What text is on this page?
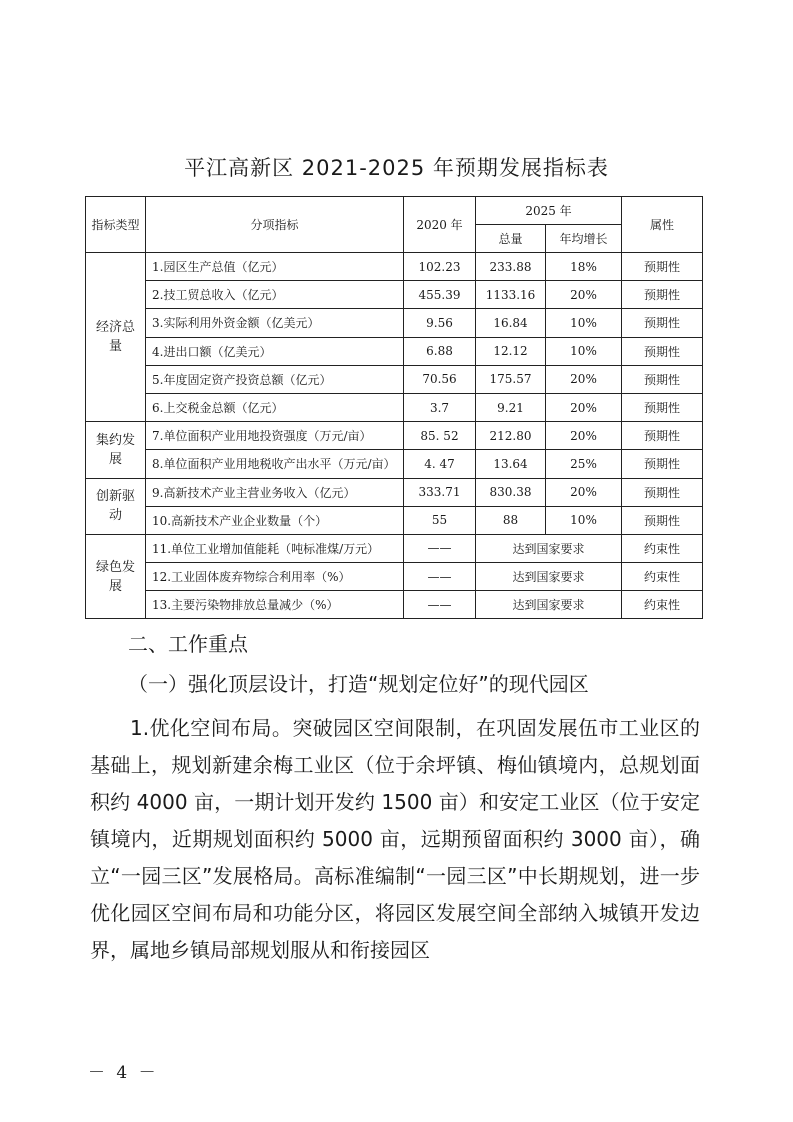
平江高新区 2021-2025 年预期发展指标表
指标类型	分项指标	2020 年	2025 年		属性
			总量	年均增长	
经济总量	1.园区生产总值（亿元）	102.23	233.88	18%	预期性
	2.技工贸总收入（亿元）	455.39	1133.16	20%	预期性
	3.实际利用外资金额（亿美元）	9.56	16.84	10%	预期性
	4.进出口额（亿美元）	6.88	12.12	10%	预期性
	5.年度固定资产投资总额（亿元）	70.56	175.57	20%	预期性
	6.上交税金总额（亿元）	3.7	9.21	20%	预期性
集约发展	7.单位面积产业用地投资强度（万元/亩）	85. 52	212.80	20%	预期性
	8.单位面积产业用地税收产出水平（万元/亩）	4. 47	13.64	25%	预期性
创新驱动	9.高新技术产业主营业务收入（亿元）	333.71	830.38	20%	预期性
	10.高新技术产业企业数量（个）	55	88	10%	预期性
绿色发展	11.单位工业增加值能耗（吨标准煤/万元）	——	达到国家要求		约束性
	12.工业固体废弃物综合利用率（%）	——	达到国家要求		约束性
	13.主要污染物排放总量减少（%）	——	达到国家要求		约束性
二、工作重点
（一）强化顶层设计，打造“规划定位好”的现代园区
1.优化空间布局。突破园区空间限制，在巩固发展伍市工业区的基础上，规划新建余梅工业区（位于余坪镇、梅仙镇境内，总规划面积约 4000 亩，一期计划开发约 1500 亩）和安定工业区（位于安定镇境内，近期规划面积约 5000 亩，远期预留面积约 3000 亩），确立“一园三区”发展格局。高标准编制“一园三区”中长期规划，进一步优化园区空间布局和功能分区，将园区发展空间全部纳入城镇开发边界，属地乡镇局部规划服从和衔接园区
－ 4 －
